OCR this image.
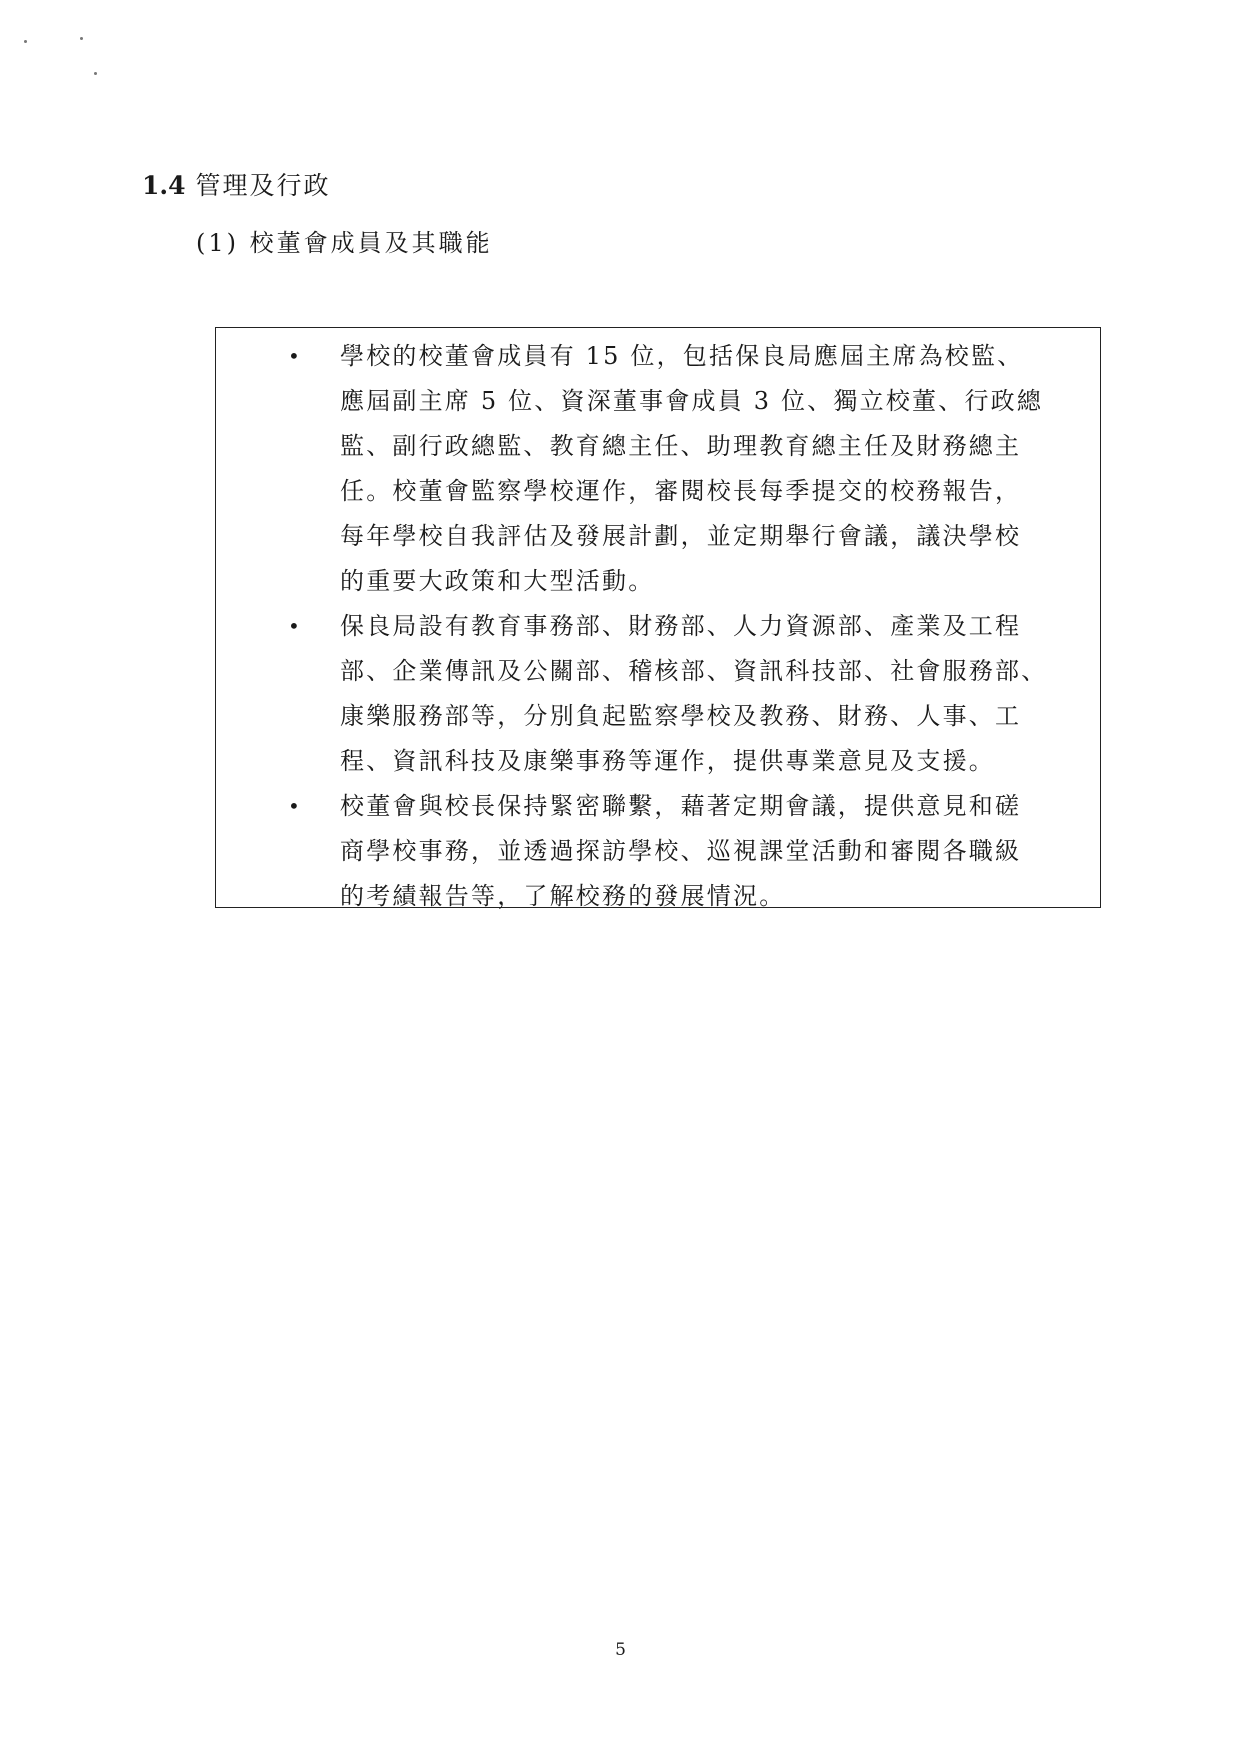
1.4 管理及行政
(1) 校董會成員及其職能
• 學校的校董會成員有 15 位，包括保良局應屆主席為校監、
應屆副主席 5 位、資深董事會成員 3 位、獨立校董、行政總
監、副行政總監、教育總主任、助理教育總主任及財務總主
任。校董會監察學校運作，審閱校長每季提交的校務報告，
每年學校自我評估及發展計劃，並定期舉行會議，議決學校
的重要大政策和大型活動。
• 保良局設有教育事務部、財務部、人力資源部、產業及工程
部、企業傳訊及公關部、稽核部、資訊科技部、社會服務部、
康樂服務部等，分別負起監察學校及教務、財務、人事、工
程、資訊科技及康樂事務等運作，提供專業意見及支援。
• 校董會與校長保持緊密聯繫，藉著定期會議，提供意見和磋
商學校事務，並透過探訪學校、巡視課堂活動和審閱各職級
的考績報告等，了解校務的發展情況。
5
